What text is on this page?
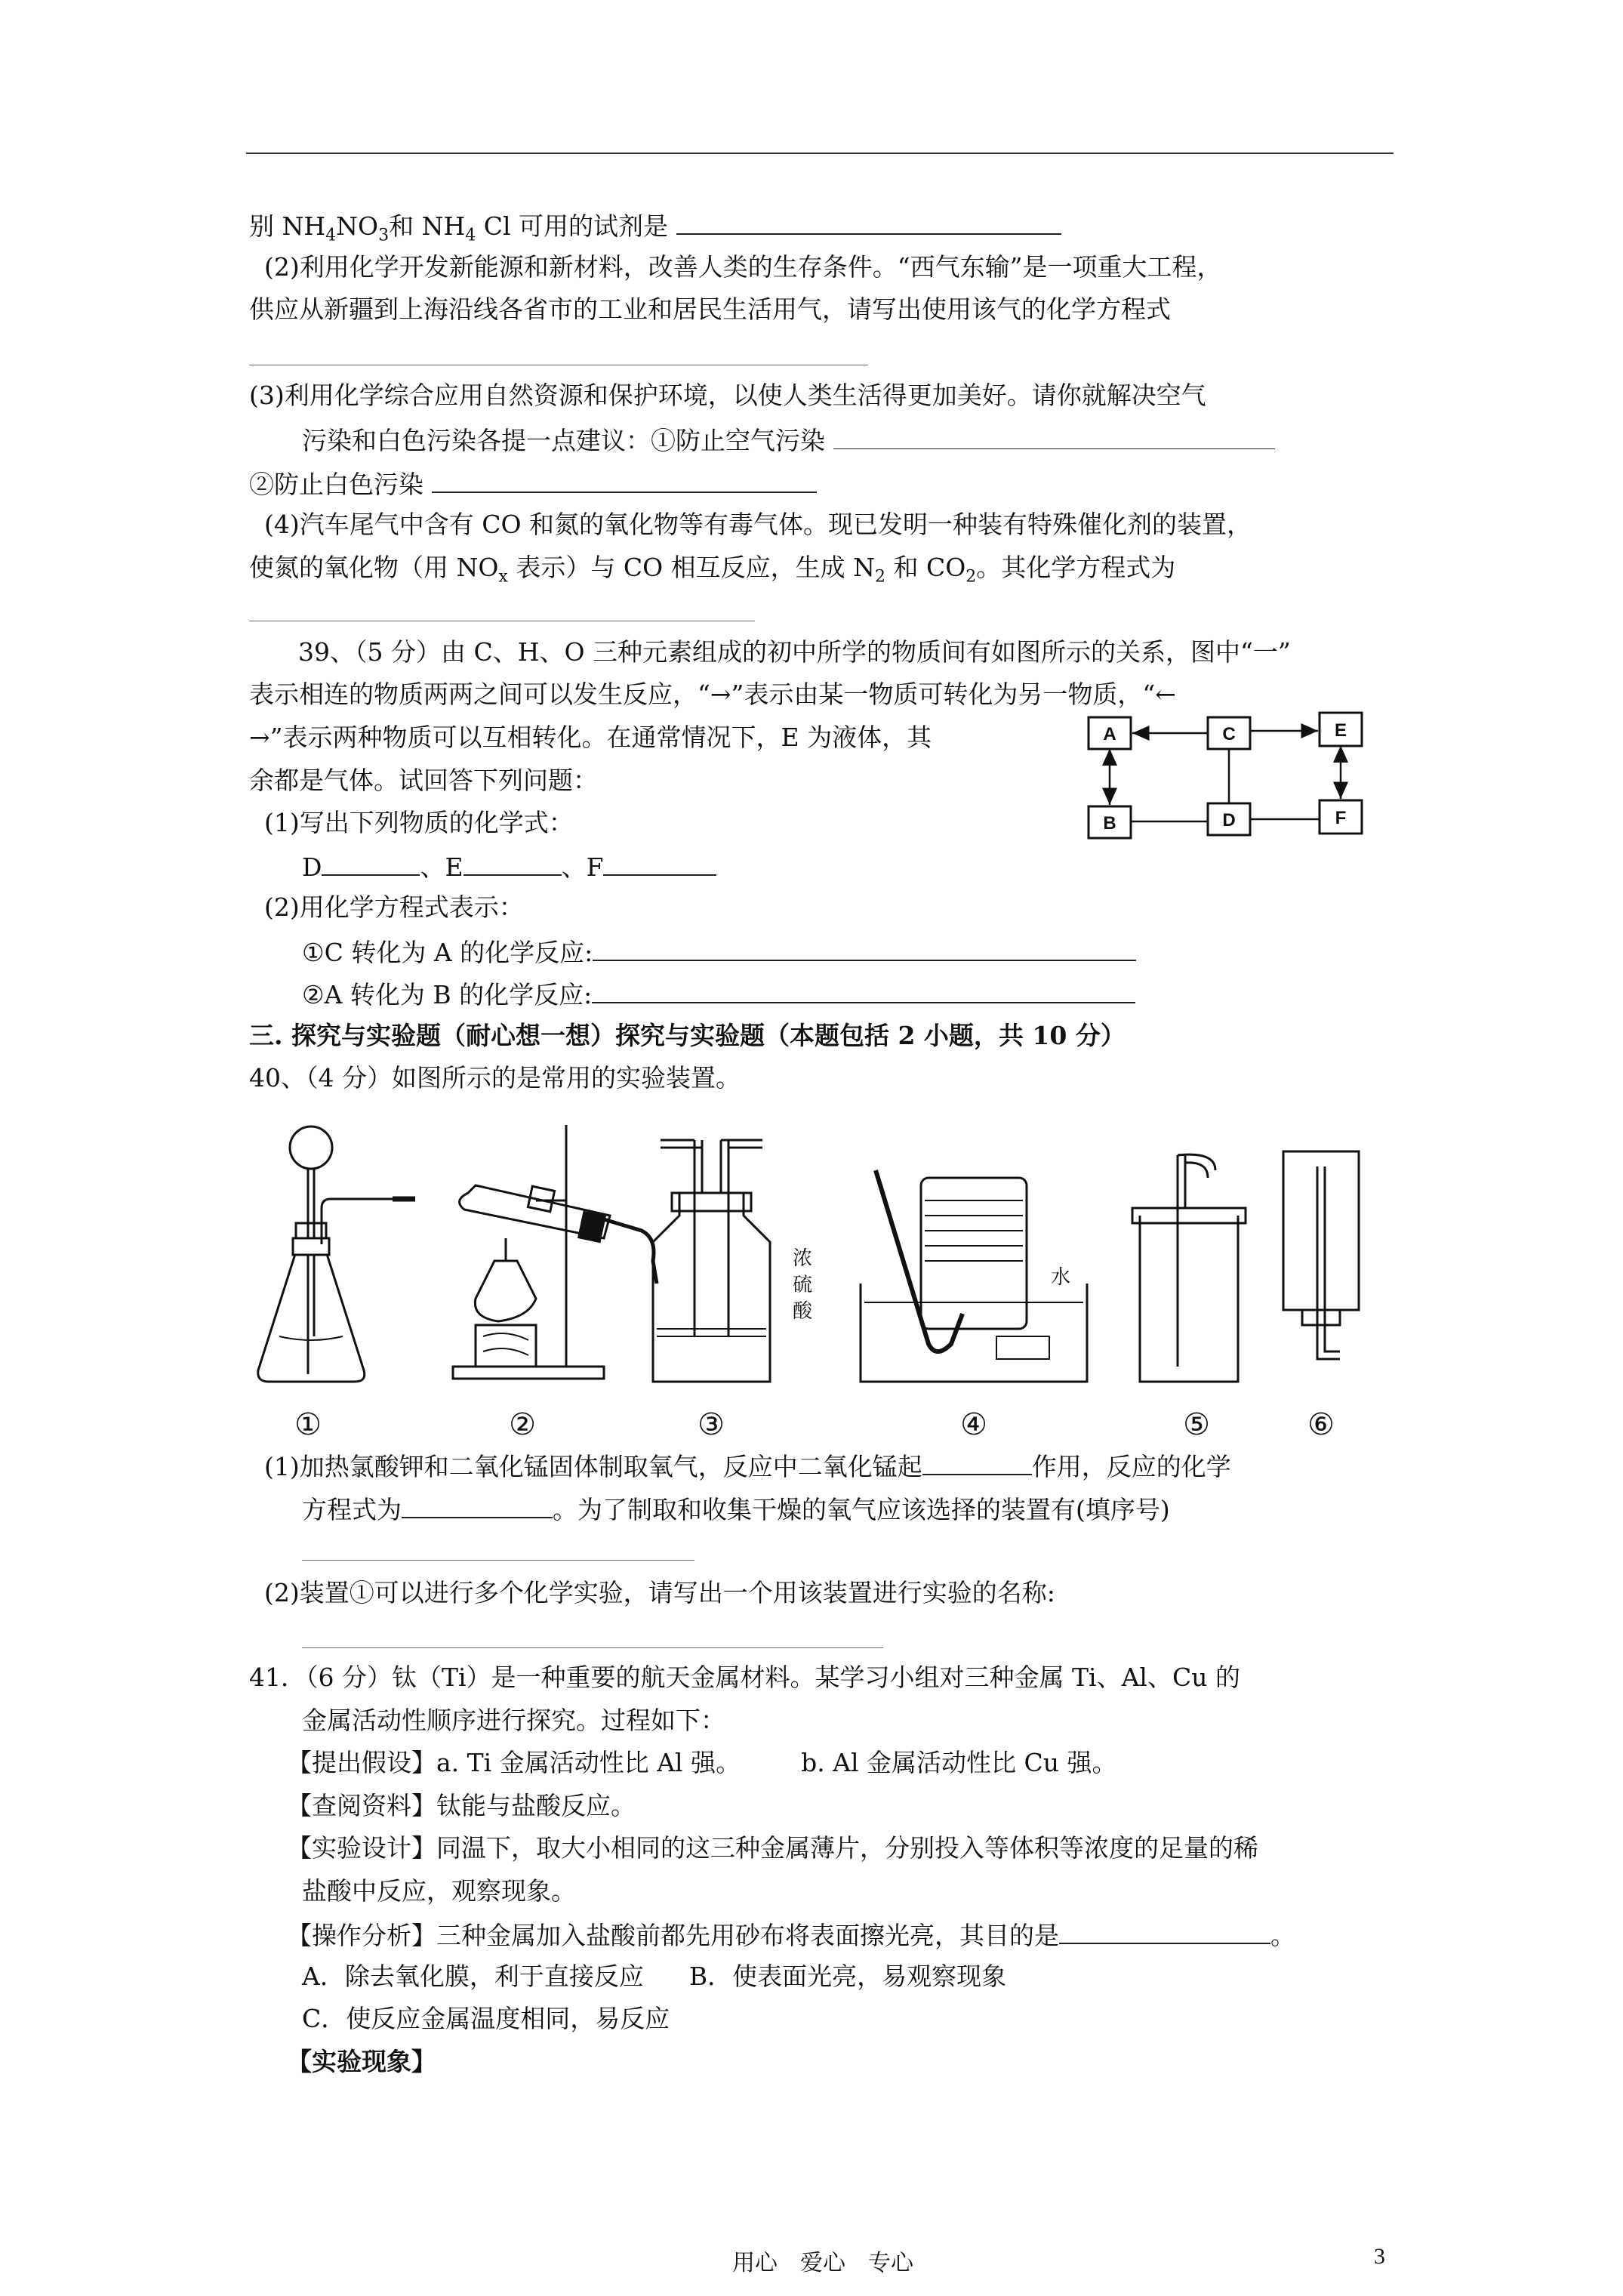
别 $NH_4NO_3$和 $NH_4$ Cl 可用的试剂是
(2)利用化学开发新能源和新材料，改善人类的生存条件。“西气东输”是一项重大工程，
供应从新疆到上海沿线各省市的工业和居民生活用气，请写出使用该气的化学方程式
(3)利用化学综合应用自然资源和保护环境，以使人类生活得更加美好。请你就解决空气
污染和白色污染各提一点建议：①防止空气污染
②防止白色污染
(4)汽车尾气中含有 CO 和氮的氧化物等有毒气体。现已发明一种装有特殊催化剂的装置，
使氮的氧化物（用 $NO_x$ 表示）与 CO 相互反应，生成 $N_2$ 和 $CO_2$。其化学方程式为
39、（5 分）由 C、H、O 三种元素组成的初中所学的物质间有如图所示的关系，图中“一”
表示相连的物质两两之间可以发生反应，“→”表示由某一物质可转化为另一物质，“←
→”表示两种物质可以互相转化。在通常情况下，E 为液体，其
余都是气体。试回答下列问题：
(1)写出下列物质的化学式：
D	、E	、F
(2)用化学方程式表示：
①C 转化为 A 的化学反应:
②A 转化为 B 的化学反应:
A	C	E
B	D	F
三. 探究与实验题（耐心想一想）探究与实验题（本题包括 2 小题，共 10 分）
40、（4 分）如图所示的是常用的实验装置。
①	②	③	④	⑤	⑥
浓
硫
酸
水
(1)加热氯酸钾和二氧化锰固体制取氧气，反应中二氧化锰起	作用，反应的化学
方程式为	。为了制取和收集干燥的氧气应该选择的装置有(填序号)
(2)装置①可以进行多个化学实验，请写出一个用该装置进行实验的名称:
41．（6 分）钛（Ti）是一种重要的航天金属材料。某学习小组对三种金属 Ti、Al、Cu 的
金属活动性顺序进行探究。过程如下：
【提出假设】a. Ti 金属活动性比 Al 强。 b. Al 金属活动性比 Cu 强。
【查阅资料】钛能与盐酸反应。
【实验设计】同温下，取大小相同的这三种金属薄片，分别投入等体积等浓度的足量的稀
盐酸中反应，观察现象。
【操作分析】三种金属加入盐酸前都先用砂布将表面擦光亮，其目的是	。
A．除去氧化膜，利于直接反应 B．使表面光亮，易观察现象
C．使反应金属温度相同，易反应
【实验现象】
用心　爱心　专心	3
